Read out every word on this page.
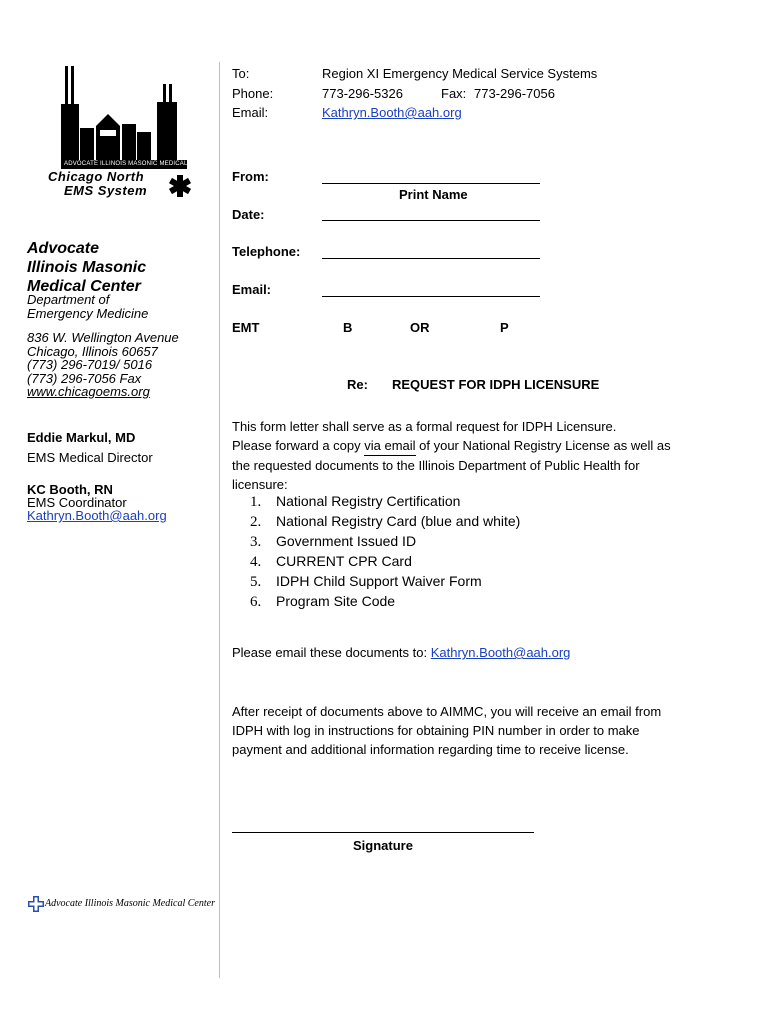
ADVOCATE ILLINOIS MASONIC MEDICAL CENTER
Chicago North
EMS System
Advocate
Illinois Masonic
Medical Center
Department of
Emergency Medicine
836 W. Wellington Avenue
Chicago, Illinois 60657
(773) 296-7019/ 5016
(773) 296-7056 Fax
www.chicagoems.org
Eddie Markul, MD
EMS Medical Director
KC Booth, RN
EMS Coordinator
Kathryn.Booth@aah.org
Advocate Illinois Masonic Medical Center
To:	Region XI Emergency Medical Service Systems
Phone:	773-296-5326	Fax: 773-296-7056
Email:	Kathryn.Booth@aah.org
From:
Print Name
Date:
Telephone:
Email:
EMT	B	OR	P
Re: REQUEST FOR IDPH LICENSURE
This form letter shall serve as a formal request for IDPH Licensure.
Please forward a copy via email of your National Registry License as well as
the requested documents to the Illinois Department of Public Health for
licensure:
1. National Registry Certification
2. National Registry Card (blue and white)
3. Government Issued ID
4. CURRENT CPR Card
5. IDPH Child Support Waiver Form
6. Program Site Code
Please email these documents to: Kathryn.Booth@aah.org
After receipt of documents above to AIMMC, you will receive an email from
IDPH with log in instructions for obtaining PIN number in order to make
payment and additional information regarding time to receive license.
Signature
